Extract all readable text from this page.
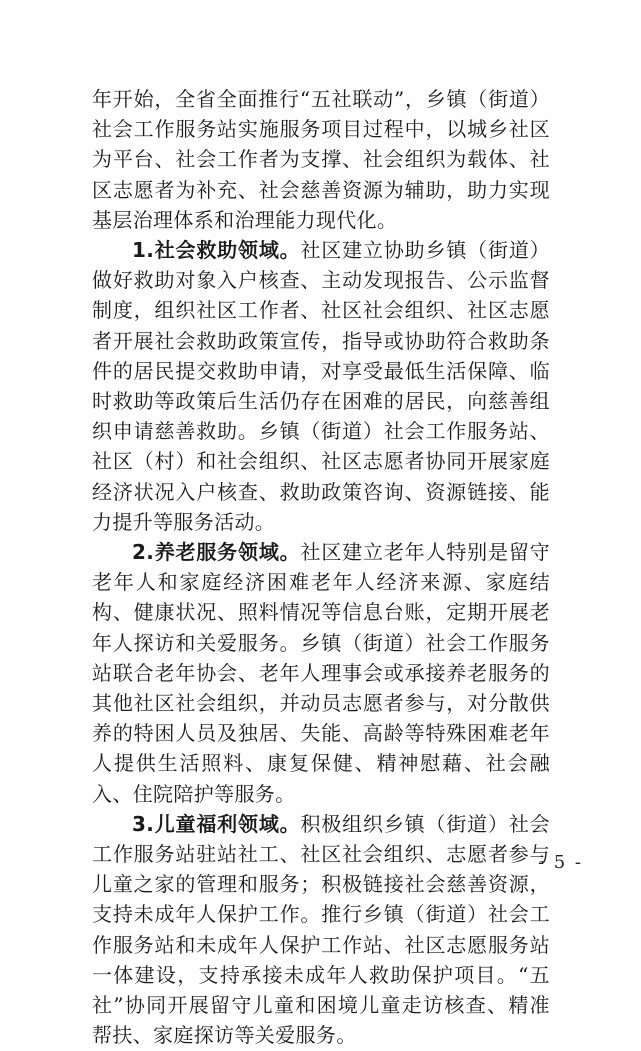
年开始，全省全面推行“五社联动”，乡镇（街道）社会工作服务站实施服务项目过程中，以城乡社区为平台、社会工作者为支撑、社会组织为载体、社区志愿者为补充、社会慈善资源为辅助，助力实现基层治理体系和治理能力现代化。

1.社会救助领域。社区建立协助乡镇（街道）做好救助对象入户核查、主动发现报告、公示监督制度，组织社区工作者、社区社会组织、社区志愿者开展社会救助政策宣传，指导或协助符合救助条件的居民提交救助申请，对享受最低生活保障、临时救助等政策后生活仍存在困难的居民，向慈善组织申请慈善救助。乡镇（街道）社会工作服务站、社区（村）和社会组织、社区志愿者协同开展家庭经济状况入户核查、救助政策咨询、资源链接、能力提升等服务活动。

2.养老服务领域。社区建立老年人特别是留守老年人和家庭经济困难老年人经济来源、家庭结构、健康状况、照料情况等信息台账，定期开展老年人探访和关爱服务。乡镇（街道）社会工作服务站联合老年协会、老年人理事会或承接养老服务的其他社区社会组织，并动员志愿者参与，对分散供养的特困人员及独居、失能、高龄等特殊困难老年人提供生活照料、康复保健、精神慰藉、社会融入、住院陪护等服务。

3.儿童福利领域。积极组织乡镇（街道）社会工作服务站驻站社工、社区社会组织、志愿者参与儿童之家的管理和服务；积极链接社会慈善资源，支持未成年人保护工作。推行乡镇（街道）社会工作服务站和未成年人保护工作站、社区志愿服务站一体建设，支持承接未成年人救助保护项目。“五社”协同开展留守儿童和困境儿童走访核查、精准帮扶、家庭探访等关爱服务。

- 5 -
